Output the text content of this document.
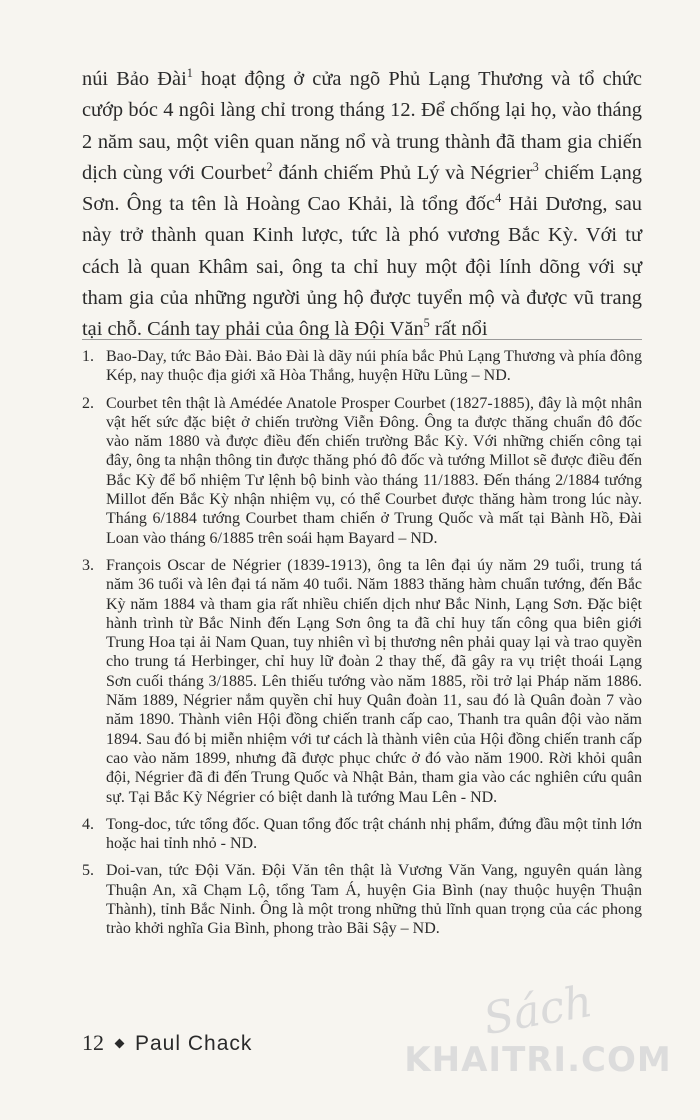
núi Bảo Đài$^1$ hoạt động ở cửa ngõ Phủ Lạng Thương và tổ chức cướp bóc 4 ngôi làng chỉ trong tháng 12. Để chống lại họ, vào tháng 2 năm sau, một viên quan năng nổ và trung thành đã tham gia chiến dịch cùng với Courbet$^2$ đánh chiếm Phủ Lý và Négrier$^3$ chiếm Lạng Sơn. Ông ta tên là Hoàng Cao Khải, là tổng đốc$^4$ Hải Dương, sau này trở thành quan Kinh lược, tức là phó vương Bắc Kỳ. Với tư cách là quan Khâm sai, ông ta chỉ huy một đội lính dõng với sự tham gia của những người ủng hộ được tuyển mộ và được vũ trang tại chỗ. Cánh tay phải của ông là Đội Văn$^5$ rất nổi

1. Bao-Day, tức Bảo Đài. Bảo Đài là dãy núi phía bắc Phủ Lạng Thương và phía đông Kép, nay thuộc địa giới xã Hòa Thắng, huyện Hữu Lũng – ND.
2. Courbet tên thật là Amédée Anatole Prosper Courbet (1827-1885), đây là một nhân vật hết sức đặc biệt ở chiến trường Viễn Đông. Ông ta được thăng chuẩn đô đốc vào năm 1880 và được điều đến chiến trường Bắc Kỳ. Với những chiến công tại đây, ông ta nhận thông tin được thăng phó đô đốc và tướng Millot sẽ được điều đến Bắc Kỳ để bổ nhiệm Tư lệnh bộ binh vào tháng 11/1883. Đến tháng 2/1884 tướng Millot đến Bắc Kỳ nhận nhiệm vụ, có thể Courbet được thăng hàm trong lúc này. Tháng 6/1884 tướng Courbet tham chiến ở Trung Quốc và mất tại Bành Hồ, Đài Loan vào tháng 6/1885 trên soái hạm Bayard – ND.
3. François Oscar de Négrier (1839-1913), ông ta lên đại úy năm 29 tuổi, trung tá năm 36 tuổi và lên đại tá năm 40 tuổi. Năm 1883 thăng hàm chuẩn tướng, đến Bắc Kỳ năm 1884 và tham gia rất nhiều chiến dịch như Bắc Ninh, Lạng Sơn. Đặc biệt hành trình từ Bắc Ninh đến Lạng Sơn ông ta đã chỉ huy tấn công qua biên giới Trung Hoa tại ải Nam Quan, tuy nhiên vì bị thương nên phải quay lại và trao quyền cho trung tá Herbinger, chỉ huy lữ đoàn 2 thay thế, đã gây ra vụ triệt thoái Lạng Sơn cuối tháng 3/1885. Lên thiếu tướng vào năm 1885, rồi trở lại Pháp năm 1886. Năm 1889, Négrier nắm quyền chỉ huy Quân đoàn 11, sau đó là Quân đoàn 7 vào năm 1890. Thành viên Hội đồng chiến tranh cấp cao, Thanh tra quân đội vào năm 1894. Sau đó bị miễn nhiệm với tư cách là thành viên của Hội đồng chiến tranh cấp cao vào năm 1899, nhưng đã được phục chức ở đó vào năm 1900. Rời khỏi quân đội, Négrier đã đi đến Trung Quốc và Nhật Bản, tham gia vào các nghiên cứu quân sự. Tại Bắc Kỳ Négrier có biệt danh là tướng Mau Lên - ND.
4. Tong-doc, tức tổng đốc. Quan tổng đốc trật chánh nhị phẩm, đứng đầu một tỉnh lớn hoặc hai tỉnh nhỏ - ND.
5. Doi-van, tức Đội Văn. Đội Văn tên thật là Vương Văn Vang, nguyên quán làng Thuận An, xã Chạm Lộ, tổng Tam Á, huyện Gia Bình (nay thuộc huyện Thuận Thành), tỉnh Bắc Ninh. Ông là một trong những thủ lĩnh quan trọng của các phong trào khởi nghĩa Gia Bình, phong trào Bãi Sậy – ND.
12 Paul Chack	Sách
KHAITRI.COM
